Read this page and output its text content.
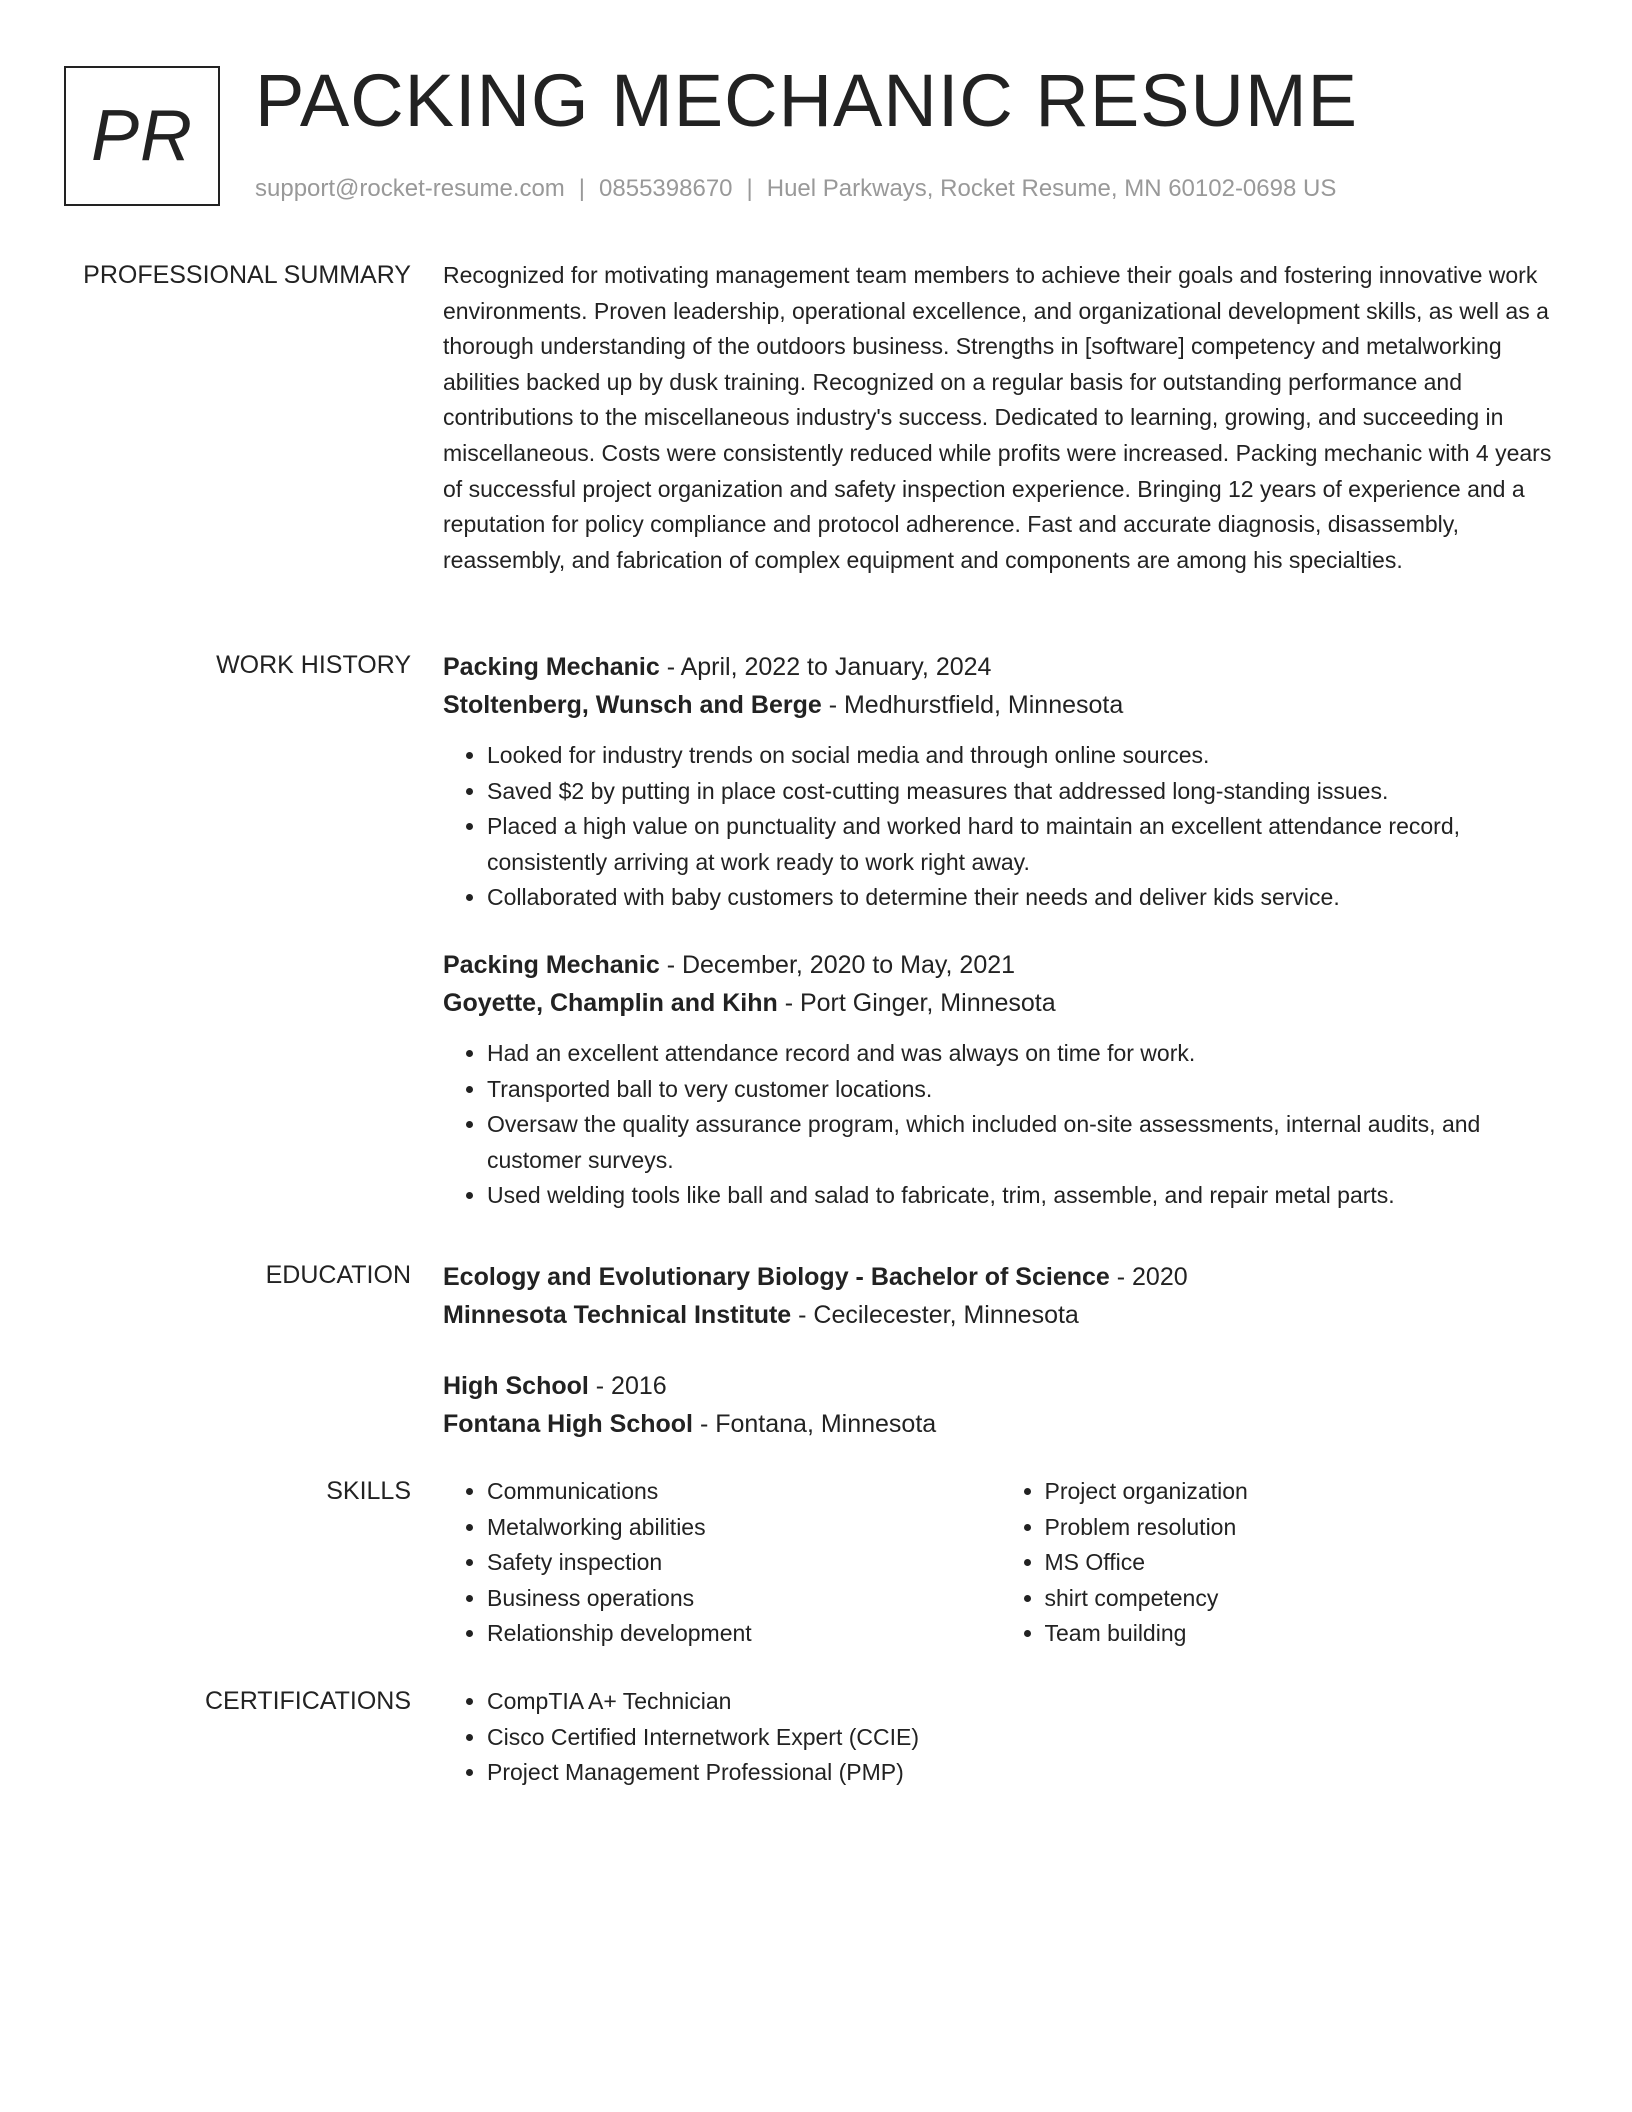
PR PACKING MECHANIC RESUME
support@rocket-resume.com | 0855398670 | Huel Parkways, Rocket Resume, MN 60102-0698 US
PROFESSIONAL SUMMARY Recognized for motivating management team members to achieve their goals and fostering innovative work environments. Proven leadership, operational excellence, and organizational development skills, as well as a thorough understanding of the outdoors business. Strengths in [software] competency and metalworking abilities backed up by dusk training. Recognized on a regular basis for outstanding performance and contributions to the miscellaneous industry's success. Dedicated to learning, growing, and succeeding in miscellaneous. Costs were consistently reduced while profits were increased. Packing mechanic with 4 years of successful project organization and safety inspection experience. Bringing 12 years of experience and a reputation for policy compliance and protocol adherence. Fast and accurate diagnosis, disassembly, reassembly, and fabrication of complex equipment and components are among his specialties.

WORK HISTORY Packing Mechanic - April, 2022 to January, 2024
Stoltenberg, Wunsch and Berge - Medhurstfield, Minnesota
• Looked for industry trends on social media and through online sources.
• Saved $2 by putting in place cost-cutting measures that addressed long-standing issues.
• Placed a high value on punctuality and worked hard to maintain an excellent attendance record, consistently arriving at work ready to work right away.
• Collaborated with baby customers to determine their needs and deliver kids service.
Packing Mechanic - December, 2020 to May, 2021
Goyette, Champlin and Kihn - Port Ginger, Minnesota
• Had an excellent attendance record and was always on time for work.
• Transported ball to very customer locations.
• Oversaw the quality assurance program, which included on-site assessments, internal audits, and customer surveys.
• Used welding tools like ball and salad to fabricate, trim, assemble, and repair metal parts.
EDUCATION Ecology and Evolutionary Biology - Bachelor of Science - 2020
Minnesota Technical Institute - Cecilecester, Minnesota
High School - 2016
Fontana High School - Fontana, Minnesota
SKILLS	• Communications
• Metalworking abilities
• Safety inspection
• Business operations
• Relationship development
• Project organization
• Problem resolution
• MS Office
• shirt competency
• Team building
CERTIFICATIONS	• CompTIA A+ Technician
• Cisco Certified Internetwork Expert (CCIE)
• Project Management Professional (PMP)
